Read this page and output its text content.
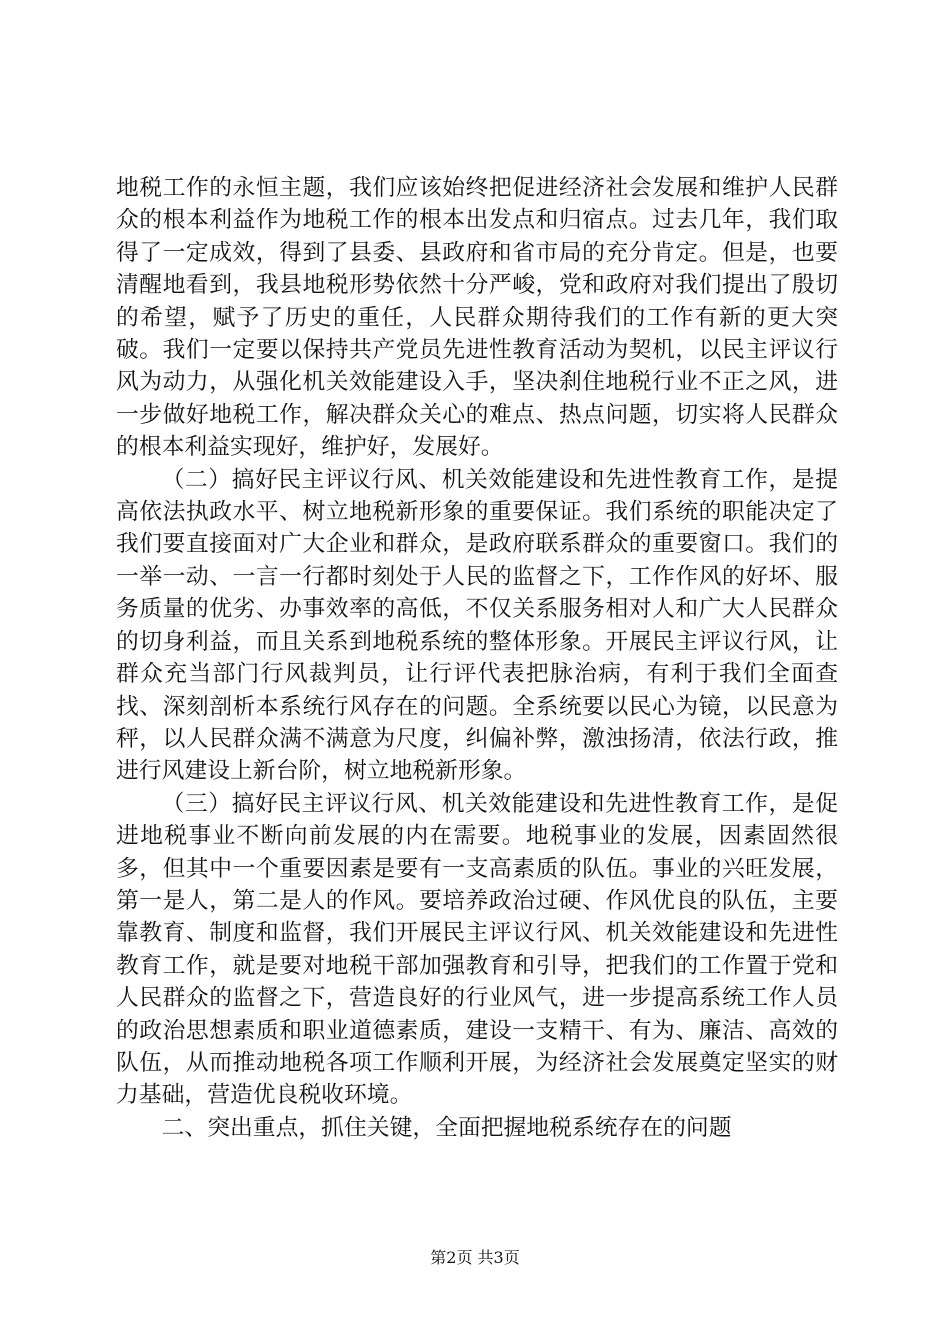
地税工作的永恒主题，我们应该始终把促进经济社会发展和维护人民群众的根本利益作为地税工作的根本出发点和归宿点。过去几年，我们取得了一定成效，得到了县委、县政府和省市局的充分肯定。但是，也要清醒地看到，我县地税形势依然十分严峻，党和政府对我们提出了殷切的希望，赋予了历史的重任，人民群众期待我们的工作有新的更大突破。我们一定要以保持共产党员先进性教育活动为契机，以民主评议行风为动力，从强化机关效能建设入手，坚决刹住地税行业不正之风，进一步做好地税工作，解决群众关心的难点、热点问题，切实将人民群众的根本利益实现好，维护好，发展好。

（二）搞好民主评议行风、机关效能建设和先进性教育工作，是提高依法执政水平、树立地税新形象的重要保证。我们系统的职能决定了我们要直接面对广大企业和群众，是政府联系群众的重要窗口。我们的一举一动、一言一行都时刻处于人民的监督之下，工作作风的好坏、服务质量的优劣、办事效率的高低，不仅关系服务相对人和广大人民群众的切身利益，而且关系到地税系统的整体形象。开展民主评议行风，让群众充当部门行风裁判员，让行评代表把脉治病，有利于我们全面查找、深刻剖析本系统行风存在的问题。全系统要以民心为镜，以民意为秤，以人民群众满不满意为尺度，纠偏补弊，激浊扬清，依法行政，推进行风建设上新台阶，树立地税新形象。

（三）搞好民主评议行风、机关效能建设和先进性教育工作，是促进地税事业不断向前发展的内在需要。地税事业的发展，因素固然很多，但其中一个重要因素是要有一支高素质的队伍。事业的兴旺发展，第一是人，第二是人的作风。要培养政治过硬、作风优良的队伍，主要靠教育、制度和监督，我们开展民主评议行风、机关效能建设和先进性教育工作，就是要对地税干部加强教育和引导，把我们的工作置于党和人民群众的监督之下，营造良好的行业风气，进一步提高系统工作人员的政治思想素质和职业道德素质，建设一支精干、有为、廉洁、高效的队伍，从而推动地税各项工作顺利开展，为经济社会发展奠定坚实的财力基础，营造优良税收环境。

二、突出重点，抓住关键，全面把握地税系统存在的问题

第2页 共3页
